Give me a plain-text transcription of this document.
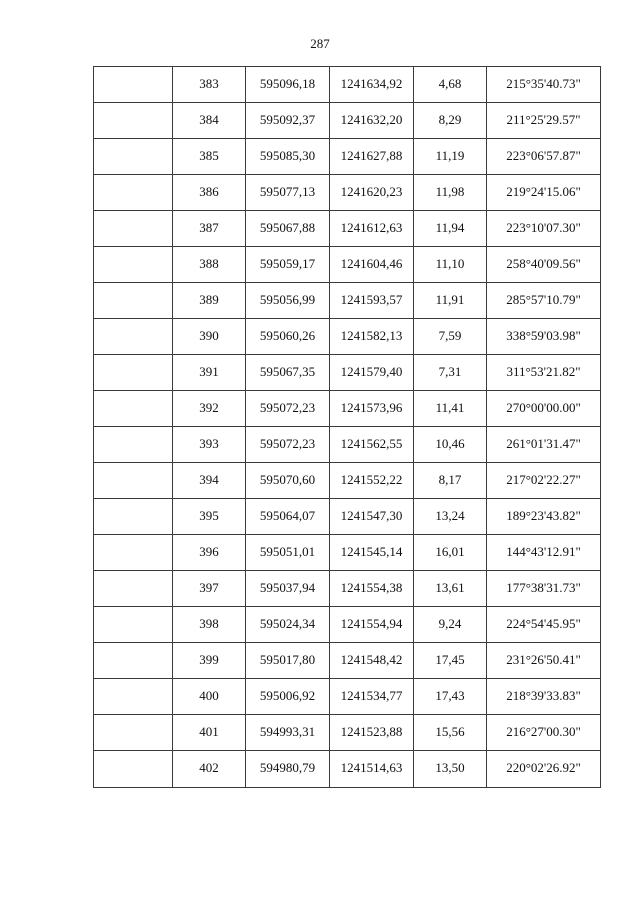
287
	383	595096,18	1241634,92	4,68	215°35'40.73"
	384	595092,37	1241632,20	8,29	211°25'29.57"
	385	595085,30	1241627,88	11,19	223°06'57.87"
	386	595077,13	1241620,23	11,98	219°24'15.06"
	387	595067,88	1241612,63	11,94	223°10'07.30"
	388	595059,17	1241604,46	11,10	258°40'09.56"
	389	595056,99	1241593,57	11,91	285°57'10.79"
	390	595060,26	1241582,13	7,59	338°59'03.98"
	391	595067,35	1241579,40	7,31	311°53'21.82"
	392	595072,23	1241573,96	11,41	270°00'00.00"
	393	595072,23	1241562,55	10,46	261°01'31.47"
	394	595070,60	1241552,22	8,17	217°02'22.27"
	395	595064,07	1241547,30	13,24	189°23'43.82"
	396	595051,01	1241545,14	16,01	144°43'12.91"
	397	595037,94	1241554,38	13,61	177°38'31.73"
	398	595024,34	1241554,94	9,24	224°54'45.95"
	399	595017,80	1241548,42	17,45	231°26'50.41"
	400	595006,92	1241534,77	17,43	218°39'33.83"
	401	594993,31	1241523,88	15,56	216°27'00.30"
	402	594980,79	1241514,63	13,50	220°02'26.92"
